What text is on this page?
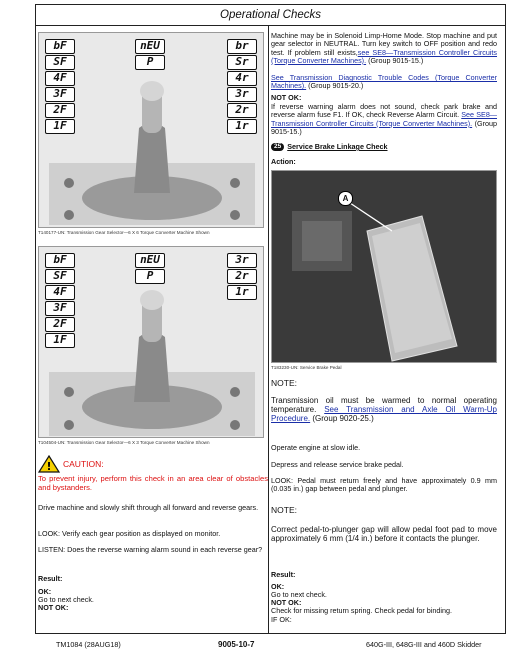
Operational Checks
bF
SF
4F
3F
2F
1F
nEU
P
br
Sr
4r
3r
2r
1r
T140177-UN: Transmission Gear Selector—6 X 6 Torque Converter Machine Shown
bF
SF
4F
3F
2F
1F
nEU
P
3r
2r
1r
T104504-UN: Transmission Gear Selector—6 X 3 Torque Converter Machine Shown
! CAUTION:
To prevent injury, perform this check in an area clear of obstacles and bystanders.
Drive machine and slowly shift through all forward and reverse gears.
LOOK: Verify each gear position as displayed on monitor.
LISTEN: Does the reverse warning alarm sound in each reverse gear?
Result:
OK:
Go to next check.
NOT OK:
Machine may be in Solenoid Limp-Home Mode. Stop machine and put gear selector in NEUTRAL. Turn key switch to OFF position and redo test. If problem still exists,see SE8—Transmission Controller Circuits (Torque Converter Machines). (Group 9015-15.)
See Transmission Diagnostic Trouble Codes (Torque Converter Machines). (Group 9015-20.)
NOT OK:
If reverse warning alarm does not sound, check park brake and reverse alarm fuse F1. If OK, check Reverse Alarm Circuit. See SE8—Transmission Controller Circuits (Torque Converter Machines). (Group 9015-15.)
25 Service Brake Linkage Check
Action:
A
T183230-UN: Service Brake Pedal
NOTE:
Transmission oil must be warmed to normal operating temperature. See Transmission and Axle Oil Warm-Up Procedure. (Group 9020-25.)
Operate engine at slow idle.
Depress and release service brake pedal.
LOOK: Pedal must return freely and have approximately 0.9 mm (0.035 in.) gap between pedal and plunger.
NOTE:
Correct pedal-to-plunger gap will allow pedal foot pad to move approximately 6 mm (1/4 in.) before it contacts the plunger.
Result:
OK:
Go to next check.
NOT OK:
Check for missing return spring. Check pedal for binding.
IF OK:
TM1084 (28AUG18)	9005-10-7	640G-III, 648G-III and 460D Skidder
